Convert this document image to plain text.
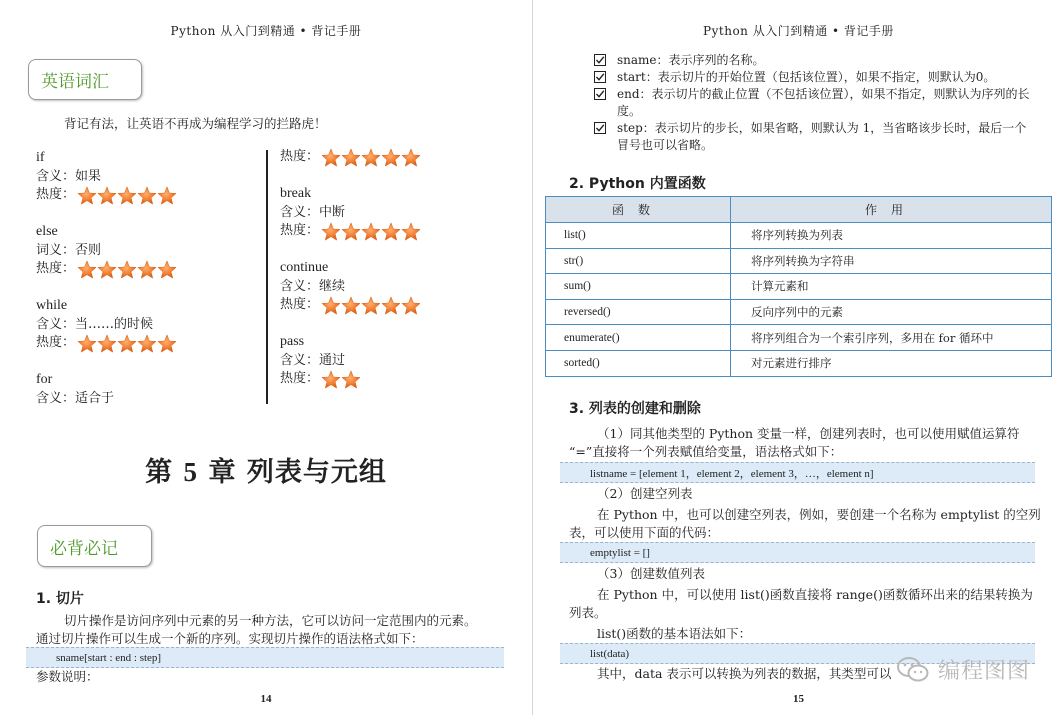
Python 从入门到精通 • 背记手册
英语词汇
背记有法，让英语不再成为编程学习的拦路虎！
if
含义：如果
热度：
else
词义：否则
热度：
while
含义：当……的时候
热度：
for
含义：适合于
热度：
break
含义：中断
热度：
continue
含义：继续
热度：
pass
含义：通过
热度：
第 5 章 列表与元组
必背必记
1. 切片
切片操作是访问序列中元素的另一种方法，它可以访问一定范围内的元素。
通过切片操作可以生成一个新的序列。实现切片操作的语法格式如下：
sname[start : end : step]
参数说明：
14
Python 从入门到精通 • 背记手册
sname：表示序列的名称。
start：表示切片的开始位置（包括该位置），如果不指定，则默认为0。
end：表示切片的截止位置（不包括该位置），如果不指定，则默认为序列的长度。
step：表示切片的步长，如果省略，则默认为 1，当省略该步长时，最后一个冒号也可以省略。
2. Python 内置函数
函数	作用
list()	将序列转换为列表
str()	将序列转换为字符串
sum()	计算元素和
reversed()	反向序列中的元素
enumerate()	将序列组合为一个索引序列，多用在 for 循环中
sorted()	对元素进行排序
3. 列表的创建和删除
（1）同其他类型的 Python 变量一样，创建列表时，也可以使用赋值运算符
“=”直接将一个列表赋值给变量，语法格式如下：
listname = [element 1，element 2，element 3，…，element n]
（2）创建空列表
在 Python 中，也可以创建空列表，例如，要创建一个名称为 emptylist 的空列
表，可以使用下面的代码：
emptylist = []
（3）创建数值列表
在 Python 中，可以使用 list()函数直接将 range()函数循环出来的结果转换为
列表。
list()函数的基本语法如下：
list(data)
其中，data 表示可以转换为列表的数据，其类型可以
15
编程图图
